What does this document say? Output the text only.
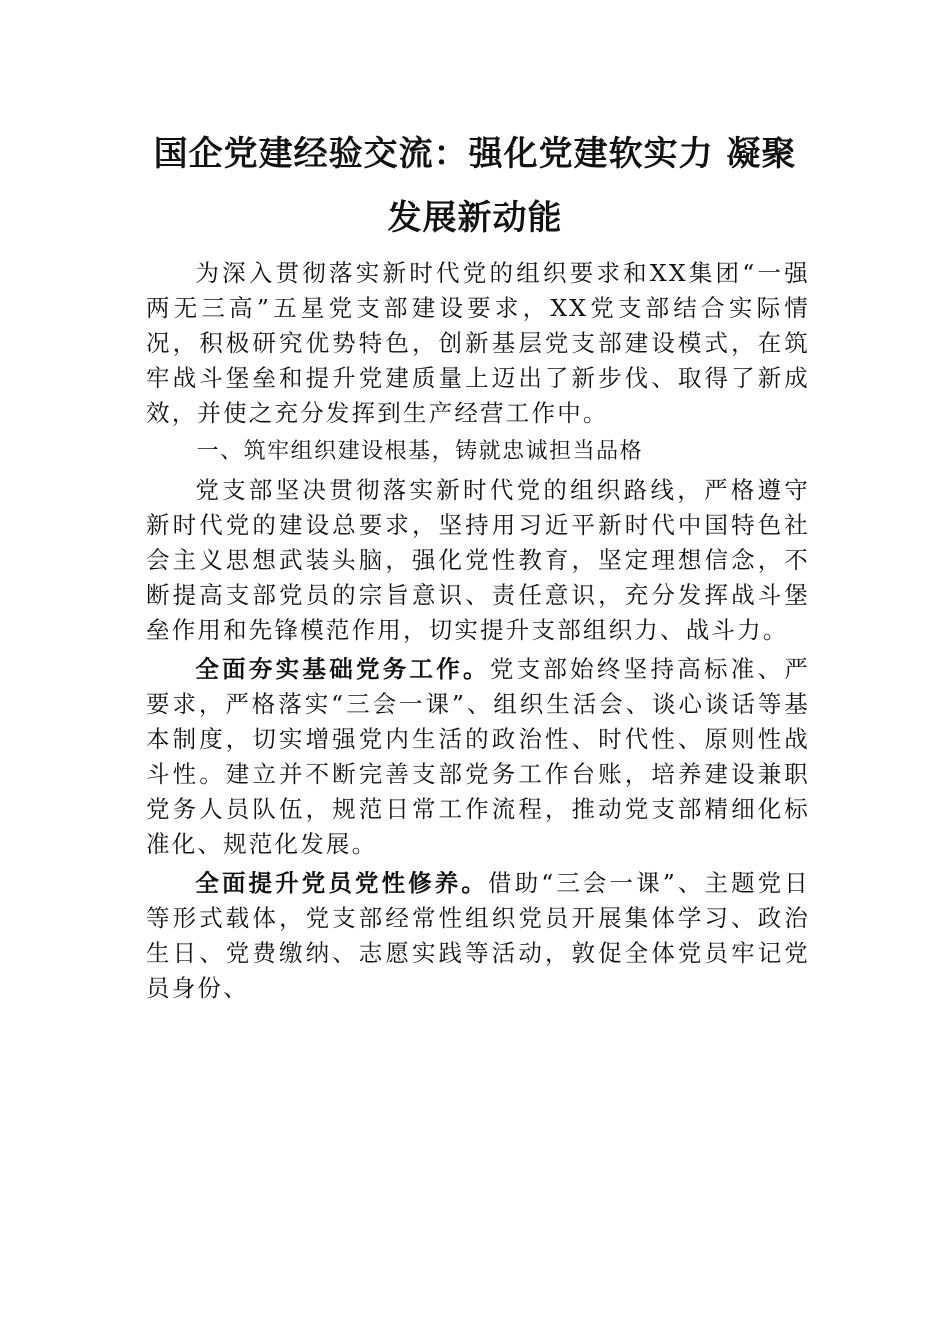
国企党建经验交流：强化党建软实力 凝聚
发展新动能

为深入贯彻落实新时代党的组织要求和XX集团“一强两无三高”五星党支部建设要求，XX党支部结合实际情况，积极研究优势特色，创新基层党支部建设模式，在筑牢战斗堡垒和提升党建质量上迈出了新步伐、取得了新成效，并使之充分发挥到生产经营工作中。

一、筑牢组织建设根基，铸就忠诚担当品格

党支部坚决贯彻落实新时代党的组织路线，严格遵守新时代党的建设总要求，坚持用习近平新时代中国特色社会主义思想武装头脑，强化党性教育，坚定理想信念，不断提高支部党员的宗旨意识、责任意识，充分发挥战斗堡垒作用和先锋模范作用，切实提升支部组织力、战斗力。

全面夯实基础党务工作。党支部始终坚持高标准、严要求，严格落实“三会一课”、组织生活会、谈心谈话等基本制度，切实增强党内生活的政治性、时代性、原则性战斗性。建立并不断完善支部党务工作台账，培养建设兼职党务人员队伍，规范日常工作流程，推动党支部精细化标准化、规范化发展。

全面提升党员党性修养。借助“三会一课”、主题党日等形式载体，党支部经常性组织党员开展集体学习、政治生日、党费缴纳、志愿实践等活动，敦促全体党员牢记党员身份、
